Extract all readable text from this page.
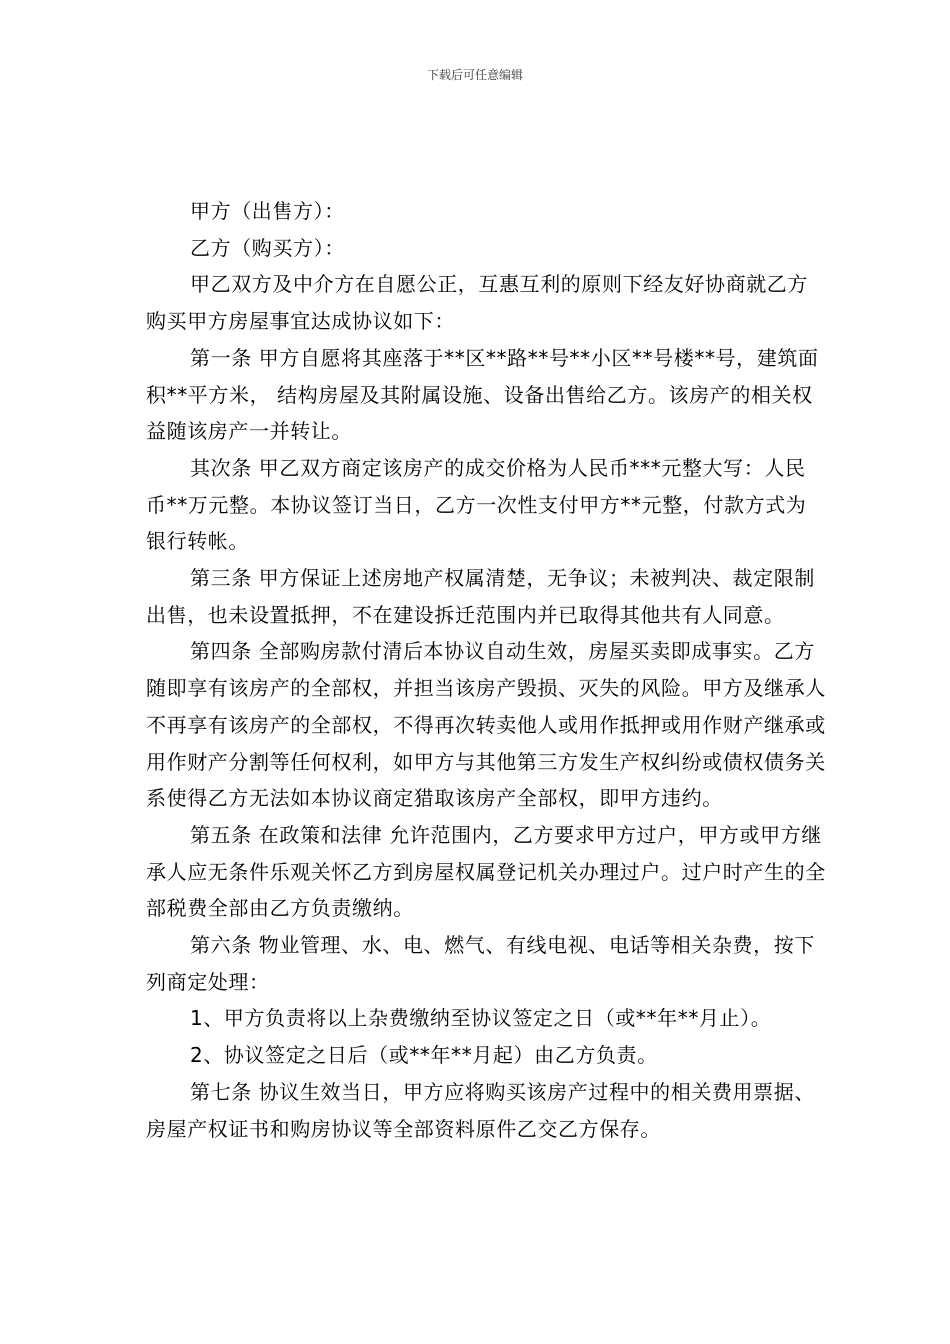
下载后可任意编辑

甲方（出售方）：

乙方（购买方）：

甲乙双方及中介方在自愿公正，互惠互利的原则下经友好协商就乙方购买甲方房屋事宜达成协议如下：

第一条 甲方自愿将其座落于**区**路**号**小区**号楼**号，建筑面积**平方米， 结构房屋及其附属设施、设备出售给乙方。该房产的相关权益随该房产一并转让。

其次条 甲乙双方商定该房产的成交价格为人民币***元整大写：人民币**万元整。本协议签订当日，乙方一次性支付甲方**元整，付款方式为银行转帐。

第三条 甲方保证上述房地产权属清楚，无争议；未被判决、裁定限制出售，也未设置抵押，不在建设拆迁范围内并已取得其他共有人同意。

第四条 全部购房款付清后本协议自动生效，房屋买卖即成事实。乙方随即享有该房产的全部权，并担当该房产毁损、灭失的风险。甲方及继承人不再享有该房产的全部权，不得再次转卖他人或用作抵押或用作财产继承或用作财产分割等任何权利，如甲方与其他第三方发生产权纠纷或债权债务关系使得乙方无法如本协议商定猎取该房产全部权，即甲方违约。

第五条 在政策和法律 允许范围内，乙方要求甲方过户，甲方或甲方继承人应无条件乐观关怀乙方到房屋权属登记机关办理过户。过户时产生的全部税费全部由乙方负责缴纳。

第六条 物业管理、水、电、燃气、有线电视、电话等相关杂费，按下列商定处理：

1、甲方负责将以上杂费缴纳至协议签定之日（或**年**月止）。

2、协议签定之日后（或**年**月起）由乙方负责。

第七条 协议生效当日，甲方应将购买该房产过程中的相关费用票据、房屋产权证书和购房协议等全部资料原件乙交乙方保存。
